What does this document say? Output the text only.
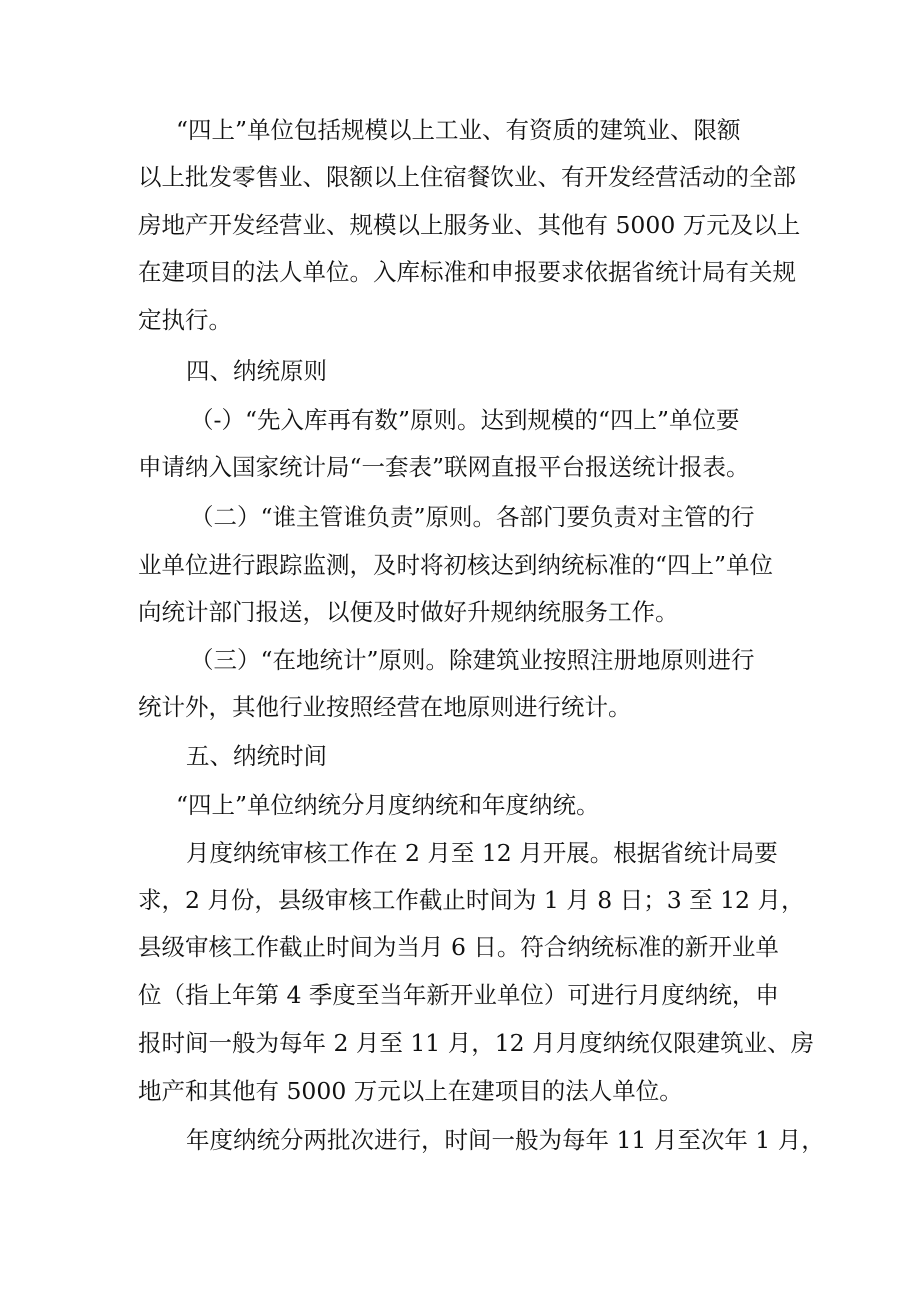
“四上”单位包括规模以上工业、有资质的建筑业、限额
以上批发零售业、限额以上住宿餐饮业、有开发经营活动的全部
房地产开发经营业、规模以上服务业、其他有 5000 万元及以上
在建项目的法人单位。入库标准和申报要求依据省统计局有关规
定执行。
四、纳统原则
（-）“先入库再有数”原则。达到规模的“四上”单位要
申请纳入国家统计局“一套表”联网直报平台报送统计报表。
（二）“谁主管谁负责”原则。各部门要负责对主管的行
业单位进行跟踪监测，及时将初核达到纳统标准的“四上”单位
向统计部门报送，以便及时做好升规纳统服务工作。
（三）“在地统计”原则。除建筑业按照注册地原则进行
统计外，其他行业按照经营在地原则进行统计。
五、纳统时间
“四上”单位纳统分月度纳统和年度纳统。
月度纳统审核工作在 2 月至 12 月开展。根据省统计局要
求，2 月份，县级审核工作截止时间为 1 月 8 日；3 至 12 月，
县级审核工作截止时间为当月 6 日。符合纳统标准的新开业单
位（指上年第 4 季度至当年新开业单位）可进行月度纳统，申
报时间一般为每年 2 月至 11 月，12 月月度纳统仅限建筑业、房
地产和其他有 5000 万元以上在建项目的法人单位。
年度纳统分两批次进行，时间一般为每年 11 月至次年 1 月，
